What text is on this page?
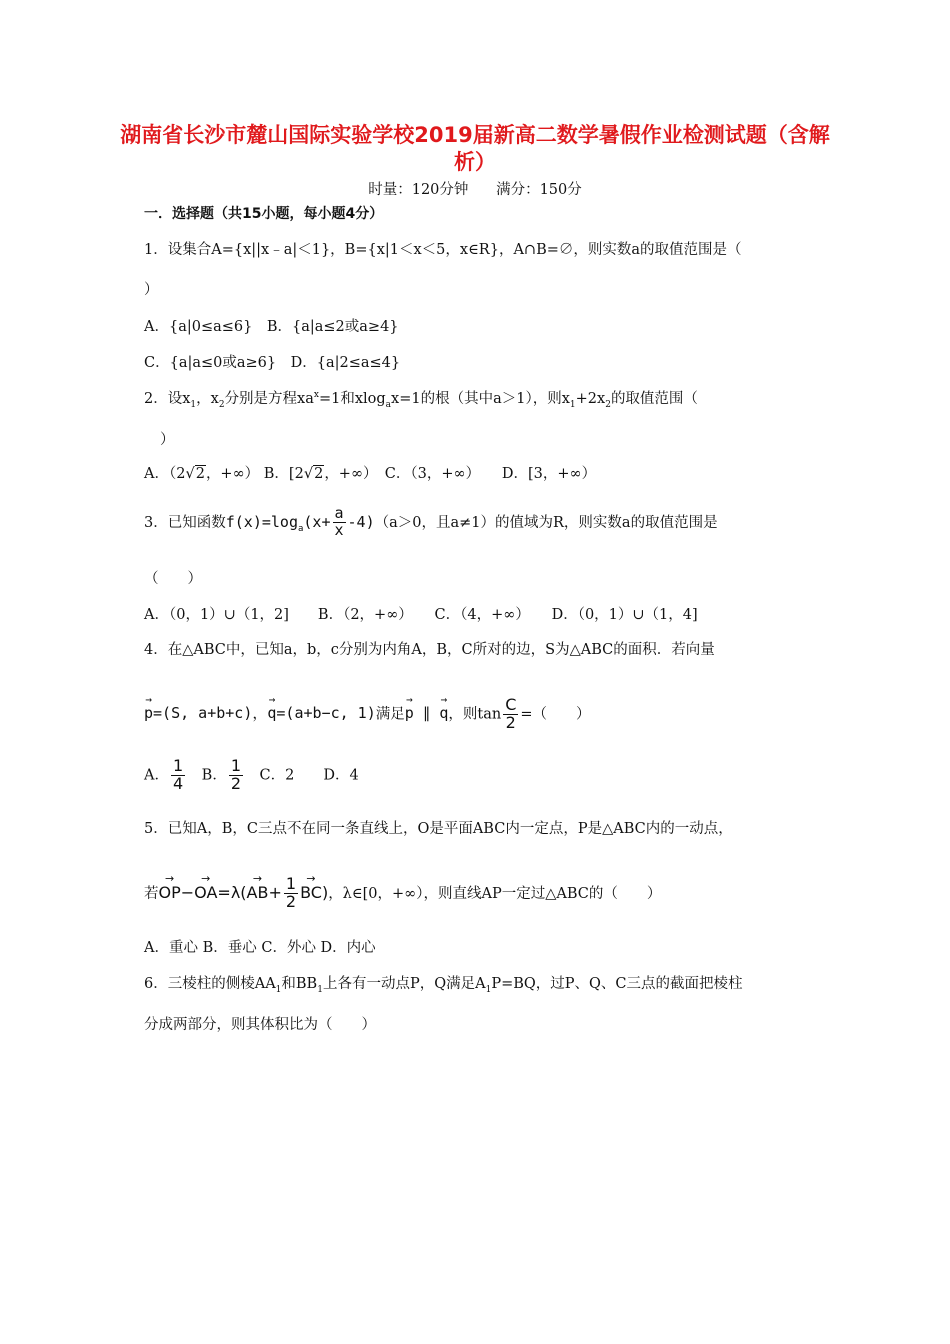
湖南省长沙市麓山国际实验学校2019届新高二数学暑假作业检测试题（含解析）
时量：120分钟 满分：150分
一．选择题（共15小题，每小题4分）
1．设集合A={x||x﹣a|＜1}，B={x|1＜x＜5，x∈R}，A∩B=∅，则实数a的取值范围是（
）
A．{a|0≤a≤6}　B．{a|a≤2或a≥4}
C．{a|a≤0或a≥6}　D．{a|2≤a≤4}
2．设$x_1$，$x_2$分别是方程$xa^x=1$和xlog$_a$x=1的根（其中a＞1），则$x_1+2x_2$的取值范围（
）
A．（2√2，+∞） B．[2√2，+∞）　 C．（3，+∞）　　 D．[3，+∞）
3．已知函数$f(x)=\log_a(x+ \frac{a}{x} -4)(a>0$，且a≠1）的值域为R，则实数a的取值范围是
（　　）
A．（0，1）∪（1，2]　　B．（2，+∞）　　C．（4，+∞）　　D．（0，1）∪（1，4]
4．在△ABC中，已知a，b，c分别为内角A，B，C所对的边，S为△ABC的面积．若向量
→ p=(S, a+b+c)，→ q=(a+b−c, 1)满足→ p ∥ → q，则$\tan \frac{C}{2}$ =（　　）
A． $\frac{1}{4}$
　 B． $\frac{1}{2}$
　 C．2　　 D．4
5．已知A，B，C三点不在同一条直线上，O是平面ABC内一定点，P是△ABC内的一动点，
若→ $OP-\to OA=\lambda(\to AB+ \frac{1}{2}$
→ BC)，λ∈[0，+∞），则直线AP一定过△ABC的（　　）
A．重心 B．垂心 C．外心 D．内心
6．三棱柱的侧棱$AA_1$和$BB_1$上各有一动点P，Q满足$A_1P=BQ$，过P、Q、C三点的截面把棱柱
分成两部分，则其体积比为（　　）
